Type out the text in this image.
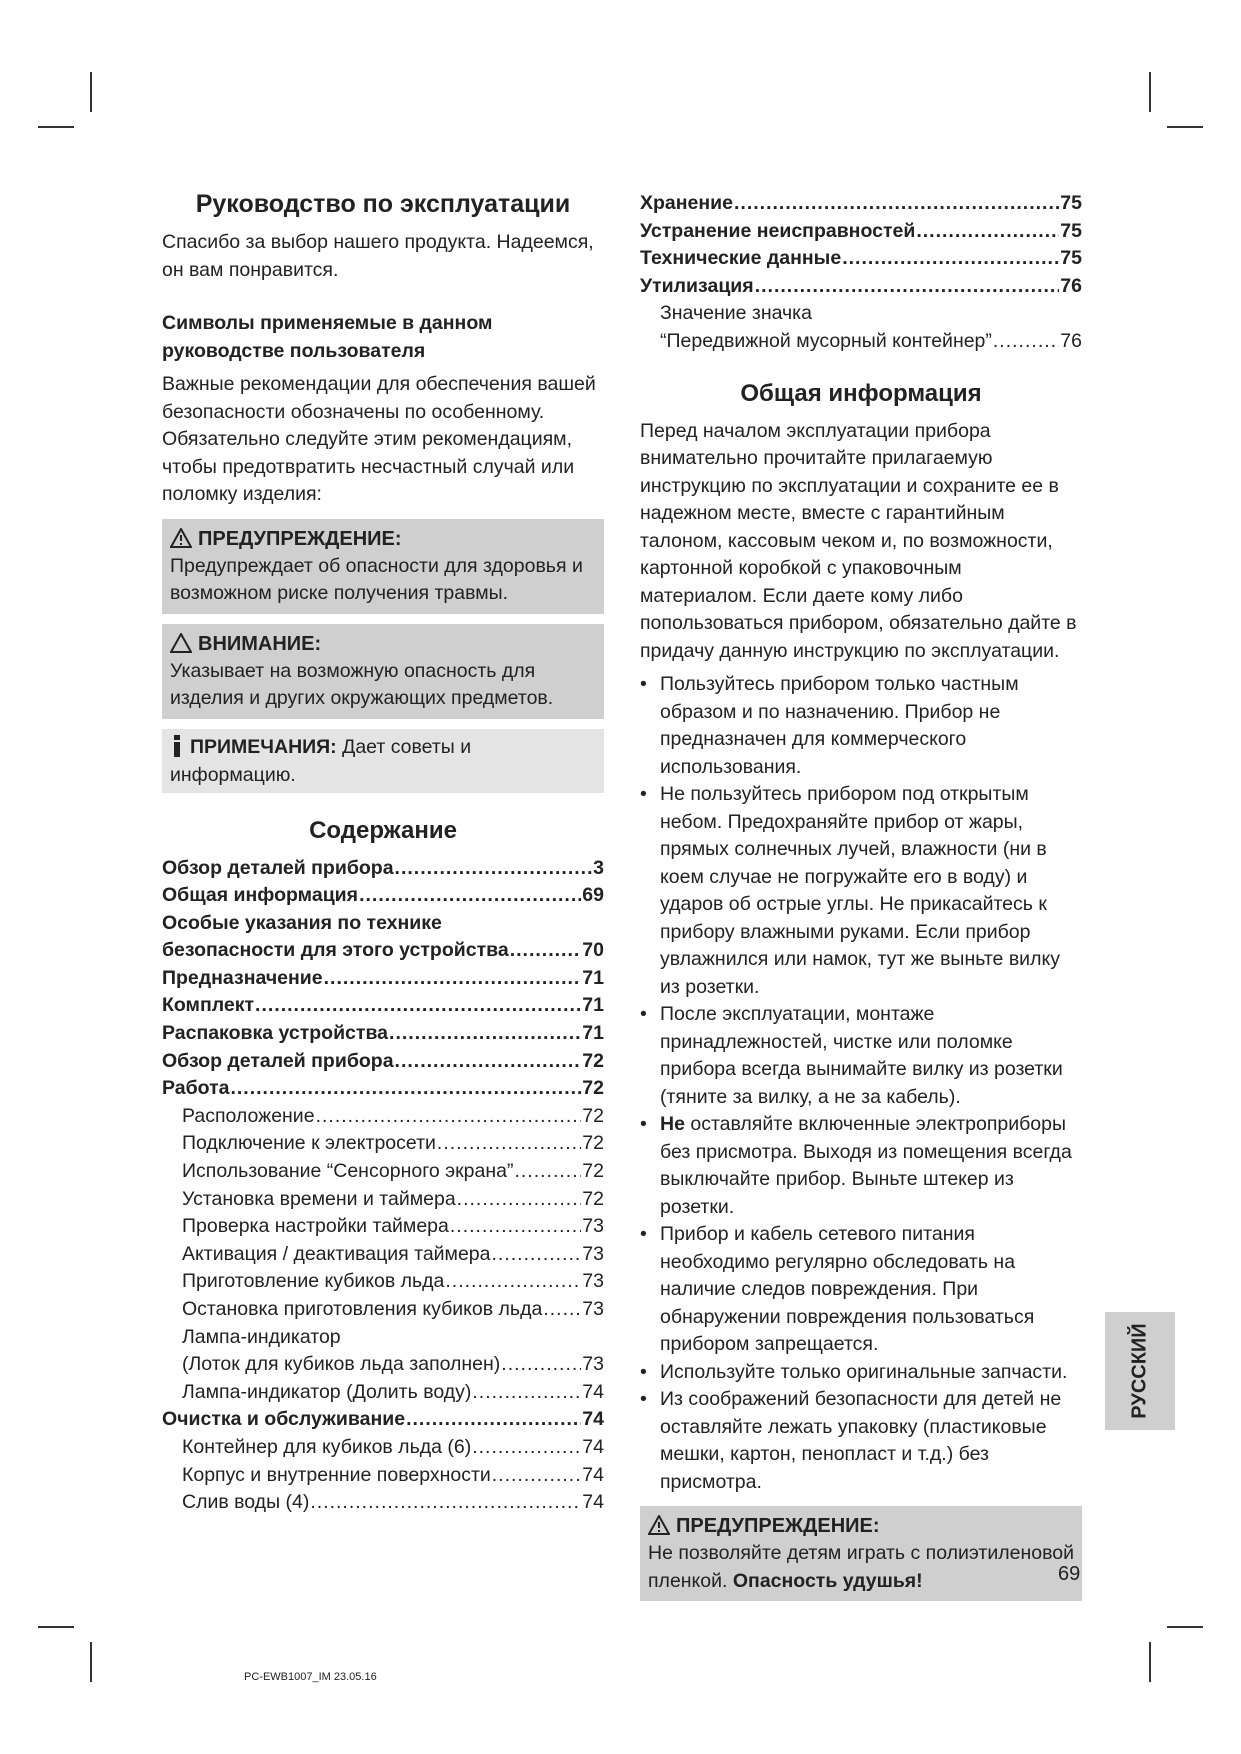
Руководство по эксплуатации

Спасибо за выбор нашего продукта. Надеемся, он вам понравится.

Символы применяемые в данном руководстве пользователя

Важные рекомендации для обеспечения вашей безопасности обозначены по особенному. Обязательно следуйте этим рекомендациям, чтобы предотвратить несчастный случай или поломку изделия:

ПРЕДУПРЕЖДЕНИЕ:
Предупреждает об опасности для здоровья и возможном риске получения травмы.
ВНИМАНИЕ:
Указывает на возможную опасность для изделия и других окружающих предметов.
ПРИМЕЧАНИЯ: Дает советы и информацию.
Содержание
Обзор деталей прибора .....	3
Общая информация .....	69
Особые указания по технике
безопасности для этого устройства .....	70
Предназначение .....	71
Комплект .....	71
Распаковка устройства .....	71
Обзор деталей прибора .....	72
Работа .....	72
Расположение .....	72
Подключение к электросети .....	72
Использование “Сенсорного экрана” .....	72
Установка времени и таймера .....	72
Проверка настройки таймера .....	73
Активация / деактивация таймера .....	73
Приготовление кубиков льда .....	73
Остановка приготовления кубиков льда ..... 73
Лампа-индикатор
(Лоток для кубиков льда заполнен) .....	73
Лампа-индикатор (Долить воду) .....	74
Очистка и обслуживание .....	74
Контейнер для кубиков льда (6) .....	74
Корпус и внутренние поверхности .....	74
Слив воды (4) .....	74
Хранение .....	75
Устранение неисправностей .....	75
Технические данные .....	75
Утилизация .....	76
Значение значка
“Передвижной мусорный контейнер” .....	76
Общая информация

Перед началом эксплуатации прибора внимательно прочитайте прилагаемую инструкцию по эксплуатации и сохраните ее в надежном месте, вместе с гарантийным талоном, кассовым чеком и, по возможности, картонной коробкой с упаковочным материалом. Если даете кому либо попользоваться прибором, обязательно дайте в придачу данную инструкцию по эксплуатации.

• Пользуйтесь прибором только частным образом и по назначению. Прибор не предназначен для коммерческого использования.
• Не пользуйтесь прибором под открытым небом. Предохраняйте прибор от жары, прямых солнечных лучей, влажности (ни в коем случае не погружайте его в воду) и ударов об острые углы. Не прикасайтесь к прибору влажными руками. Если прибор увлажнился или намок, тут же выньте вилку из розетки.
• После эксплуатации, монтаже принадлежностей, чистке или поломке прибора всегда вынимайте вилку из розетки (тяните за вилку, а не за кабель).
• Не оставляйте включенные электроприборы без присмотра. Выходя из помещения всегда выключайте прибор. Выньте штекер из розетки.
• Прибор и кабель сетевого питания необходимо регулярно обследовать на наличие следов повреждения. При обнаружении повреждения пользоваться прибором запрещается.
• Используйте только оригинальные запчасти.
• Из соображений безопасности для детей не оставляйте лежать упаковку (пластиковые мешки, картон, пенопласт и т.д.) без присмотра.
ПРЕДУПРЕЖДЕНИЕ:
Не позволяйте детям играть с полиэтиленовой пленкой. Опасность удушья!
РУССКИЙ
69
PC-EWB1007_IM 23.05.16
